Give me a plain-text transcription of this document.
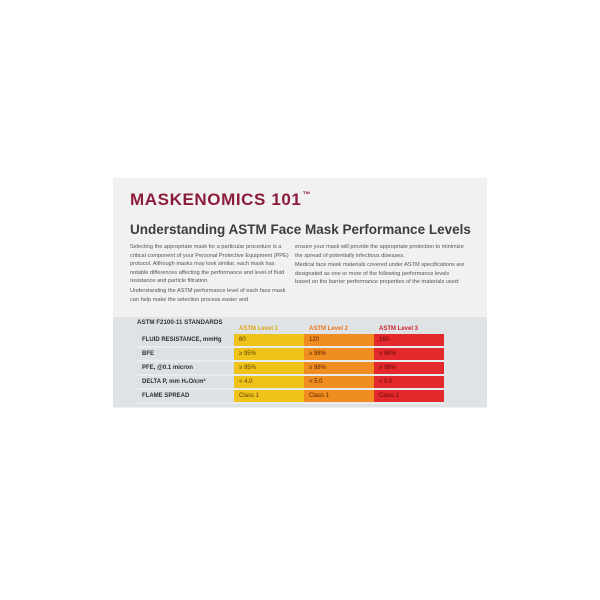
MASKENOMICS 101™
Understanding ASTM Face Mask Performance Levels

Selecting the appropriate mask for a particular procedure is a critical component of your Personal Protective Equipment (PPE) protocol. Although masks may look similar, each mask has notable differences affecting the performance and level of fluid resistance and particle filtration.

Understanding the ASTM performance level of each face mask can help make the selection process easier and

ensure your mask will provide the appropriate protection to minimize the spread of potentially infectious diseases.

Medical face mask materials covered under ASTM specifications are designated as one or more of the following performance levels based on the barrier performance properties of the materials used:

ASTM F2100-11 STANDARDS
	ASTM Level 1	ASTM Level 2	ASTM Level 3
FLUID RESISTANCE, mmHg	80	120	160
BFE	≥ 95%	≥ 98%	≥ 98%
PFE, @0.1 micron	≥ 95%	≥ 98%	≥ 98%
DELTA P, mm H₂O/cm²	< 4.0	< 5.0	< 5.0
FLAME SPREAD	Class 1	Class 1	Class 1
